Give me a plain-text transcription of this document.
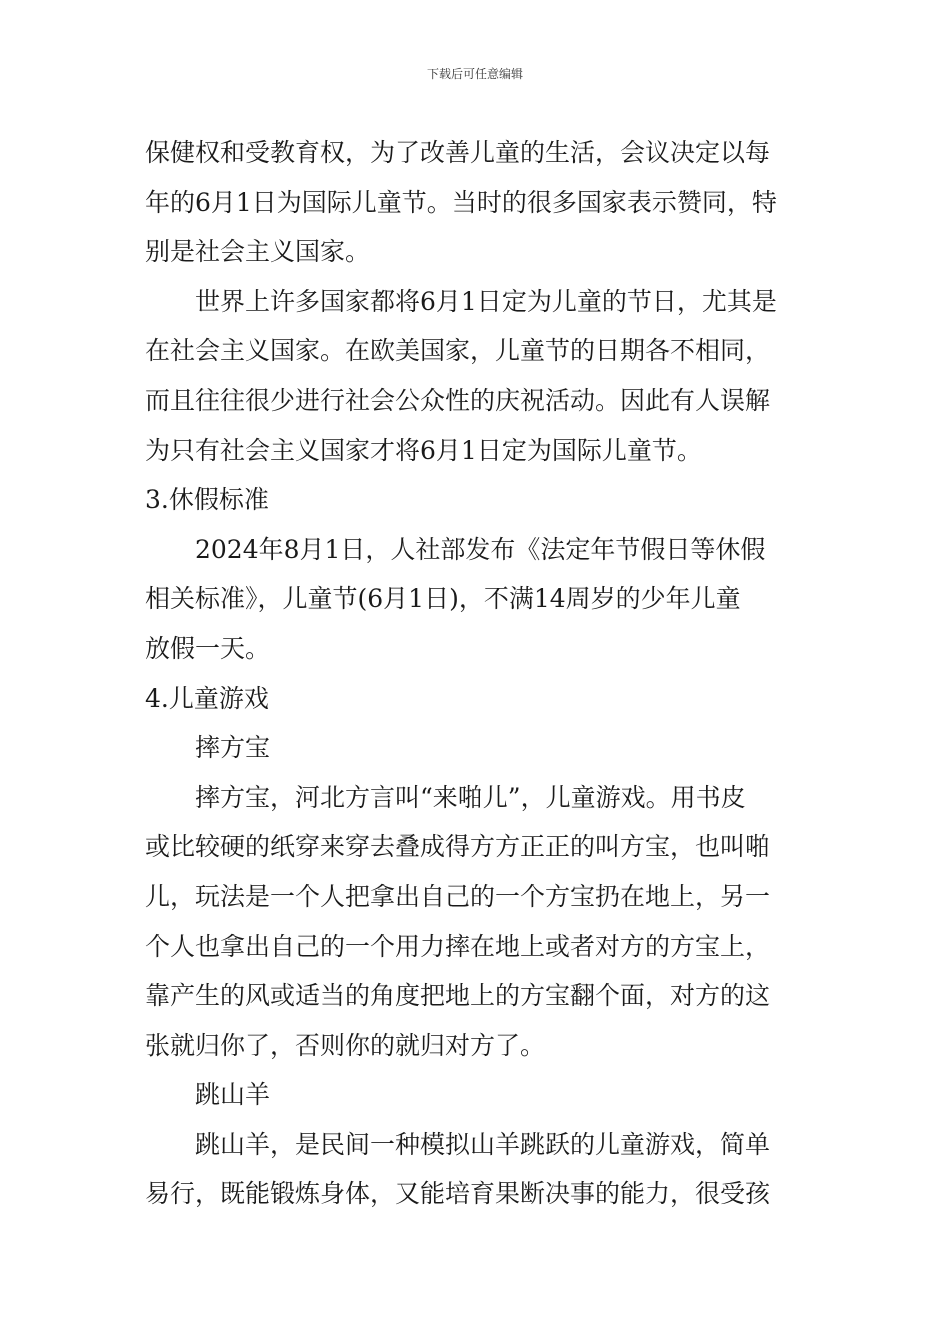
下载后可任意编辑
保健权和受教育权，为了改善儿童的生活，会议决定以每
年的6月1日为国际儿童节。当时的很多国家表示赞同，特
别是社会主义国家。
世界上许多国家都将6月1日定为儿童的节日，尤其是
在社会主义国家。在欧美国家，儿童节的日期各不相同，
而且往往很少进行社会公众性的庆祝活动。因此有人误解
为只有社会主义国家才将6月1日定为国际儿童节。
3.休假标准
2024年8月1日，人社部发布《法定年节假日等休假
相关标准》，儿童节(6月1日)，不满14周岁的少年儿童
放假一天。
4.儿童游戏
摔方宝
摔方宝，河北方言叫“来啪儿”，儿童游戏。用书皮
或比较硬的纸穿来穿去叠成得方方正正的叫方宝，也叫啪
儿，玩法是一个人把拿出自己的一个方宝扔在地上，另一
个人也拿出自己的一个用力摔在地上或者对方的方宝上，
靠产生的风或适当的角度把地上的方宝翻个面，对方的这
张就归你了，否则你的就归对方了。
跳山羊
跳山羊，是民间一种模拟山羊跳跃的儿童游戏，简单
易行，既能锻炼身体，又能培育果断决事的能力，很受孩
